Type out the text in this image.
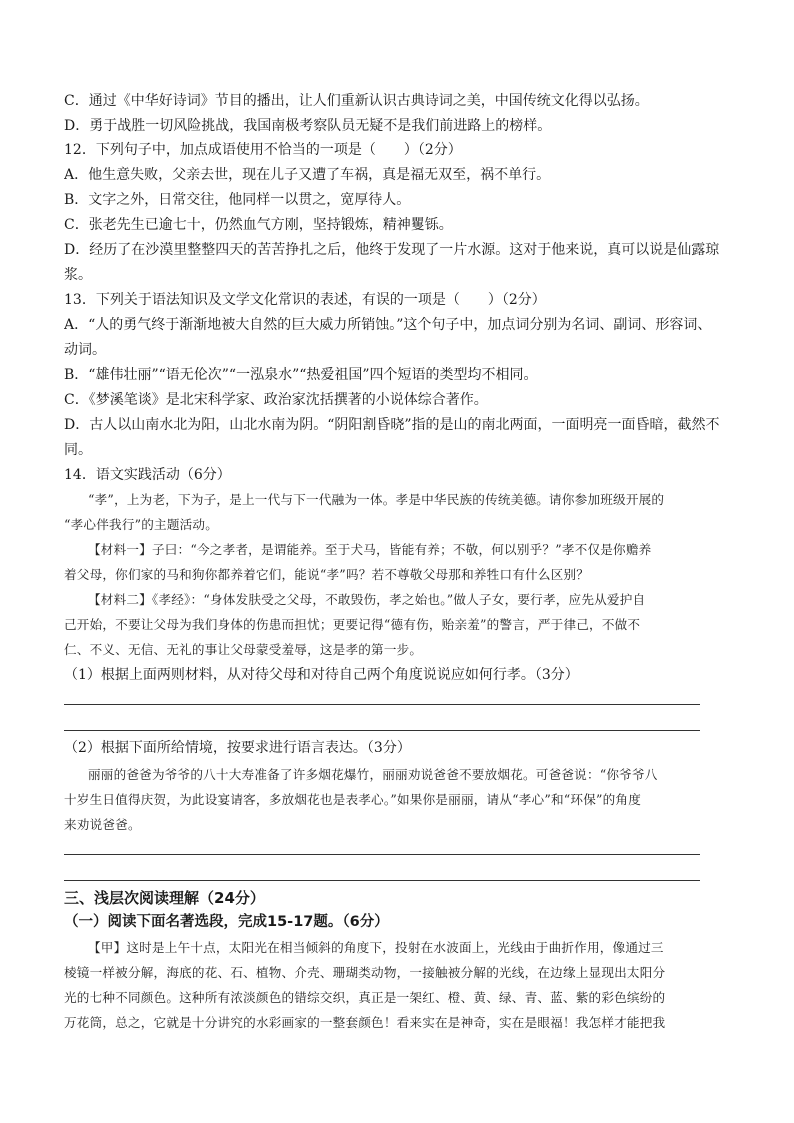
C．通过《中华好诗词》节目的播出，让人们重新认识古典诗词之美，中国传统文化得以弘扬。
D．勇于战胜一切风险挑战，我国南极考察队员无疑不是我们前进路上的榜样。
12．下列句子中，加点成语使用不恰当的一项是（　　）（2分）
A．他生意失败，父亲去世，现在儿子又遭了车祸，真是福无双至，祸不单行。
B．文字之外，日常交往，他同样一以贯之，宽厚待人。
C．张老先生已逾七十，仍然血气方刚，坚持锻炼，精神矍铄。
D．经历了在沙漠里整整四天的苦苦挣扎之后，他终于发现了一片水源。这对于他来说，真可以说是仙露琼
浆。
13．下列关于语法知识及文学文化常识的表述，有误的一项是（　　）（2分）
A．“人的勇气终于渐渐地被大自然的巨大威力所销蚀。”这个句子中，加点词分别为名词、副词、形容词、
动词。
B．“雄伟壮丽”“语无伦次”“一泓泉水”“热爱祖国”四个短语的类型均不相同。
C．《梦溪笔谈》是北宋科学家、政治家沈括撰著的小说体综合著作。
D．古人以山南水北为阳，山北水南为阴。“阴阳割昏晓”指的是山的南北两面，一面明亮一面昏暗，截然不
同。
14．语文实践活动（6分）
“孝”，上为老，下为子，是上一代与下一代融为一体。孝是中华民族的传统美德。请你参加班级开展的
“孝心伴我行”的主题活动。
【材料一】子曰：“今之孝者，是谓能养。至于犬马，皆能有养；不敬，何以别乎？”孝不仅是你赡养
着父母，你们家的马和狗你都养着它们，能说“孝”吗？若不尊敬父母那和养牲口有什么区别？
【材料二】《孝经》：“身体发肤受之父母，不敢毁伤，孝之始也。”做人子女，要行孝，应先从爱护自
己开始，不要让父母为我们身体的伤患而担忧；更要记得“德有伤，贻亲羞”的警言，严于律己，不做不
仁、不义、无信、无礼的事让父母蒙受羞辱，这是孝的第一步。
（1）根据上面两则材料，从对待父母和对待自己两个角度说说应如何行孝。（3分）
（2）根据下面所给情境，按要求进行语言表达。（3分）
丽丽的爸爸为爷爷的八十大寿准备了许多烟花爆竹，丽丽劝说爸爸不要放烟花。可爸爸说：“你爷爷八
十岁生日值得庆贺，为此设宴请客，多放烟花也是表孝心。”如果你是丽丽，请从“孝心”和“环保”的角度
来劝说爸爸。
三、浅层次阅读理解（24分）
（一）阅读下面名著选段，完成15-17题。（6分）
【甲】这时是上午十点，太阳光在相当倾斜的角度下，投射在水波面上，光线由于曲折作用，像通过三
棱镜一样被分解，海底的花、石、植物、介壳、珊瑚类动物，一接触被分解的光线，在边缘上显现出太阳分
光的七种不同颜色。这种所有浓淡颜色的错综交织，真正是一架红、橙、黄、绿、青、蓝、紫的彩色缤纷的
万花筒，总之，它就是十分讲究的水彩画家的一整套颜色！看来实在是神奇，实在是眼福！我怎样才能把我
